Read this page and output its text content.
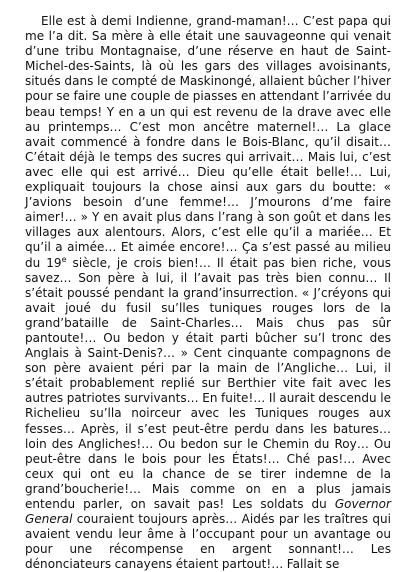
Elle est à demi Indienne, grand-maman!… C’est papa qui me l’a dit. Sa mère à elle était une sauvageonne qui venait d’une tribu Montagnaise, d’une réserve en haut de Saint-Michel-des-Saints, là où les gars des villages avoisinants, situés dans le compté de Maskinongé, allaient bûcher l’hiver pour se faire une couple de piasses en attendant l’arrivée du beau temps! Y en a un qui est revenu de la drave avec elle au printemps… C’est mon ancêtre maternel!… La glace avait commencé à fondre dans le Bois-Blanc, qu’il disait… C’était déjà le temps des sucres qui arrivait… Mais lui, c’est avec elle qui est arrivé… Dieu qu’elle était belle!… Lui, expliquait toujours la chose ainsi aux gars du boutte: « J’avions besoin d’une femme!… J’mourons d’me faire aimer!… » Y en avait plus dans l’rang à son goût et dans les villages aux alentours. Alors, c’est elle qu’il a mariée… Et qu’il a aimée… Et aimée encore!… Ça s’est passé au milieu du 19e siècle, je crois bien!… Il était pas bien riche, vous savez… Son père à lui, il l’avait pas très bien connu… Il s’était poussé pendant la grand’insurrection. « J’créyons qui avait joué du fusil su’lles tuniques rouges lors de la grand’bataille de Saint-Charles… Mais chus pas sûr pantoute!… Ou bedon y était parti bûcher su’l tronc des Anglais à Saint-Denis?… » Cent cinquante compagnons de son père avaient péri par la main de l’Angliche… Lui, il s’était probablement replié sur Berthier vite fait avec les autres patriotes survivants… En fuite!… Il aurait descendu le Richelieu su’lla noirceur avec les Tuniques rouges aux fesses… Après, il s’est peut-être perdu dans les batures… loin des Angliches!… Ou bedon sur le Chemin du Roy… Ou peut-être dans le bois pour les États!… Ché pas!… Avec ceux qui ont eu la chance de se tirer indemne de la grand’boucherie!… Mais comme on en a plus jamais entendu parler, on savait pas! Les soldats du Governor General couraient toujours après… Aidés par les traîtres qui avaient vendu leur âme à l’occupant pour un avantage ou pour une récompense en argent sonnant!… Les dénonciateurs canayens étaient partout!… Fallait se
